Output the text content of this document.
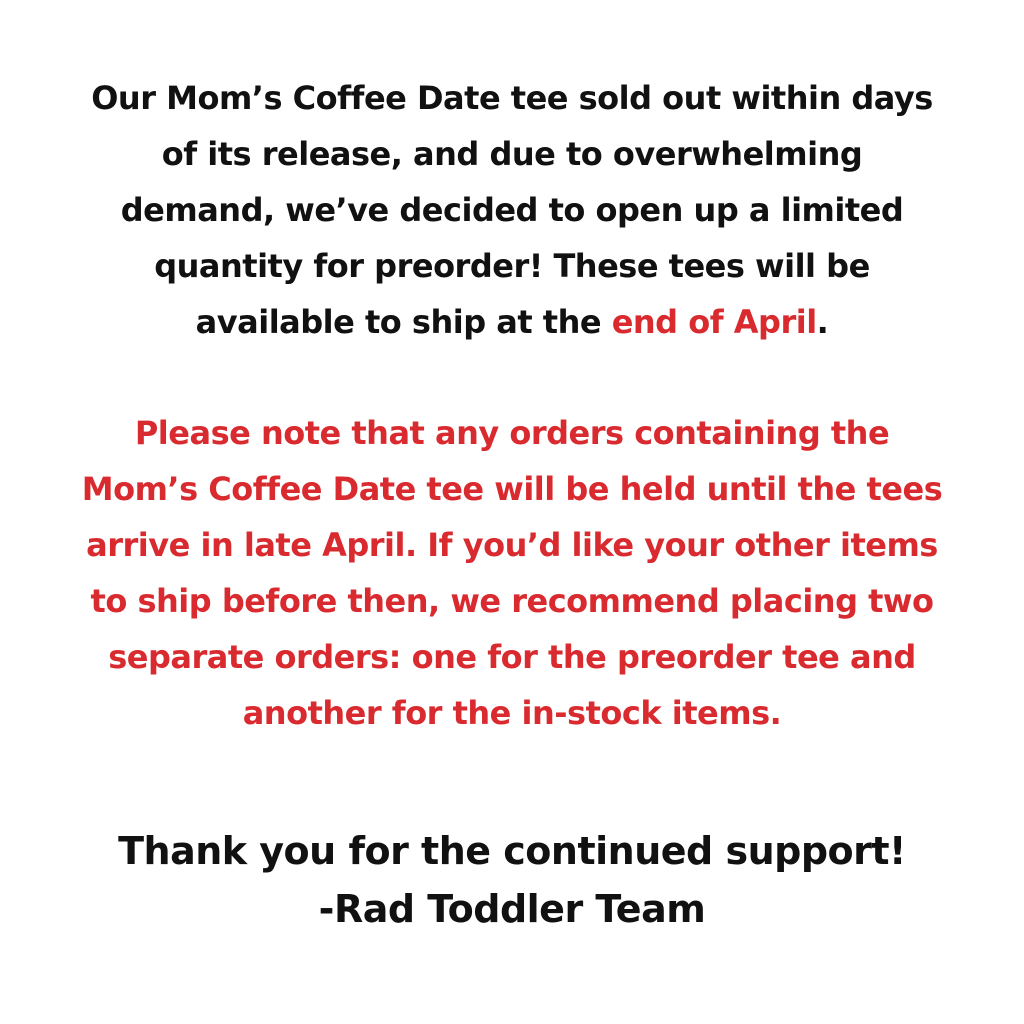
Our Mom’s Coffee Date tee sold out within days
of its release, and due to overwhelming
demand, we’ve decided to open up a limited
quantity for preorder! These tees will be
available to ship at the end of April.
Please note that any orders containing the
Mom’s Coffee Date tee will be held until the tees
arrive in late April. If you’d like your other items
to ship before then, we recommend placing two
separate orders: one for the preorder tee and
another for the in-stock items.
Thank you for the continued support!
-Rad Toddler Team
